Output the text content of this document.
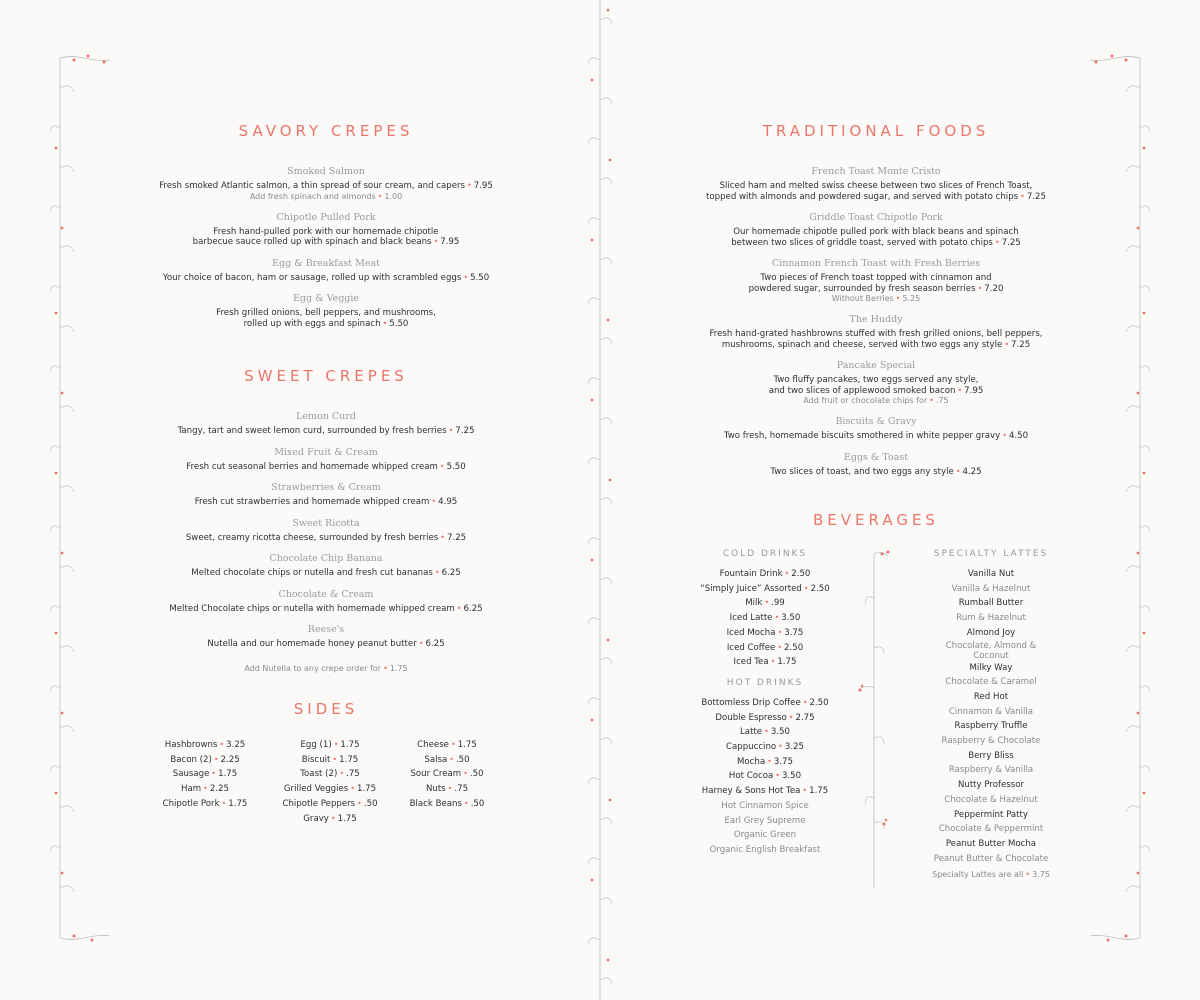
SAVORY CREPES

Smoked Salmon

Fresh smoked Atlantic salmon, a thin spread of sour cream, and capers • 7.95

Add fresh spinach and almonds • 1.00

Chipotle Pulled Pork

Fresh hand-pulled pork with our homemade chipotle

barbecue sauce rolled up with spinach and black beans • 7.95

Egg & Breakfast Meat

Your choice of bacon, ham or sausage, rolled up with scrambled eggs • 5.50

Egg & Veggie

Fresh grilled onions, bell peppers, and mushrooms,

rolled up with eggs and spinach • 5.50

SWEET CREPES

Lemon Curd

Tangy, tart and sweet lemon curd, surrounded by fresh berries • 7.25

Mixed Fruit & Cream

Fresh cut seasonal berries and homemade whipped cream • 5.50

Strawberries & Cream

Fresh cut strawberries and homemade whipped cream • 4.95

Sweet Ricotta

Sweet, creamy ricotta cheese, surrounded by fresh berries • 7.25

Chocolate Chip Banana

Melted chocolate chips or nutella and fresh cut bananas • 6.25

Chocolate & Cream

Melted Chocolate chips or nutella with homemade whipped cream • 6.25

Reese's

Nutella and our homemade honey peanut butter • 6.25

Add Nutella to any crepe order for • 1.75

SIDES
Hashbrowns • 3.25
Bacon (2) • 2.25
Sausage • 1.75
Ham • 2.25
Chipotle Pork • 1.75
Egg (1) • 1.75
Biscuit • 1.75
Toast (2) • .75
Grilled Veggies • 1.75
Chipotle Peppers • .50
Gravy • 1.75
Cheese • 1.75
Salsa • .50
Sour Cream • .50
Nuts • .75
Black Beans • .50
TRADITIONAL FOODS

French Toast Monte Cristo

Sliced ham and melted swiss cheese between two slices of French Toast,

topped with almonds and powdered sugar, and served with potato chips • 7.25

Griddle Toast Chipotle Pork

Our homemade chipotle pulled pork with black beans and spinach

between two slices of griddle toast, served with potato chips • 7.25

Cinnamon French Toast with Fresh Berries

Two pieces of French toast topped with cinnamon and

powdered sugar, surrounded by fresh season berries • 7.20

Without Berries • 5.25

The Huddy

Fresh hand-grated hashbrowns stuffed with fresh grilled onions, bell peppers,

mushrooms, spinach and cheese, served with two eggs any style • 7.25

Pancake Special

Two fluffy pancakes, two eggs served any style,

and two slices of applewood smoked bacon • 7.95

Add fruit or chocolate chips for • .75

Biscuits & Gravy

Two fresh, homemade biscuits smothered in white pepper gravy • 4.50

Eggs & Toast

Two slices of toast, and two eggs any style • 4.25

BEVERAGES

COLD DRINKS

Fountain Drink • 2.50
“Simply Juice” Assorted • 2.50
Milk • .99
Iced Latte • 3.50
Iced Mocha • 3.75
Iced Coffee • 2.50
Iced Tea • 1.75

HOT DRINKS

Bottomless Drip Coffee • 2.50
Double Espresso • 2.75
Latte • 3.50
Cappuccino • 3.25
Mocha • 3.75
Hot Cocoa • 3.50
Harney & Sons Hot Tea • 1.75
Hot Cinnamon Spice
Earl Grey Supreme
Organic Green
Organic English Breakfast

SPECIALTY LATTES

Vanilla Nut
Vanilla & Hazelnut
Rumball Butter
Rum & Hazelnut
Almond Joy
Chocolate, Almond &
Coconut
Milky Way
Chocolate & Caramel
Red Hot
Cinnamon & Vanilla
Raspberry Truffle
Raspberry & Chocolate
Berry Bliss
Raspberry & Vanilla
Nutty Professor
Chocolate & Hazelnut
Peppermint Patty
Chocolate & Peppermint
Peanut Butter Mocha
Peanut Butter & Chocolate

Specialty Lattes are all • 3.75
